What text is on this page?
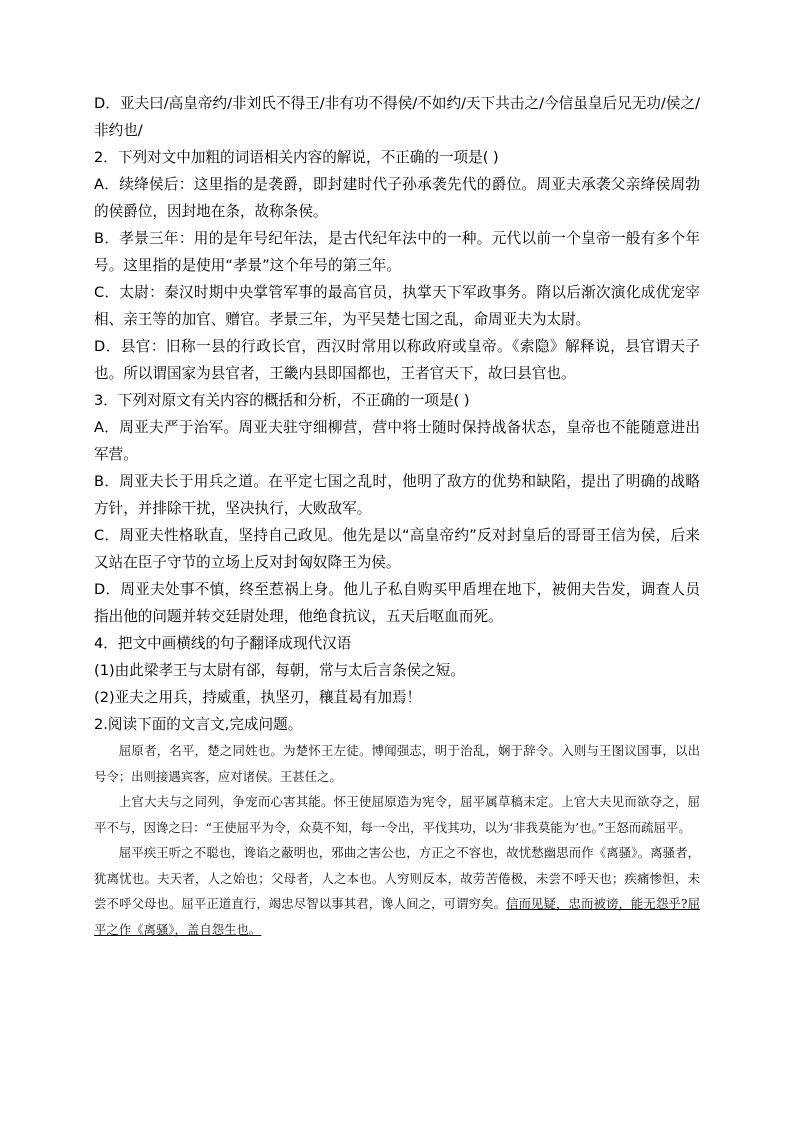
D．亚夫曰/高皇帝约/非刘氏不得王/非有功不得侯/不如约/天下共击之/今信虽皇后兄无功/侯之/非约也/

2．下列对文中加粗的词语相关内容的解说，不正确的一项是( )

A．续绛侯后：这里指的是袭爵，即封建时代子孙承袭先代的爵位。周亚夫承袭父亲绛侯周勃的侯爵位，因封地在条，故称条侯。

B．孝景三年：用的是年号纪年法，是古代纪年法中的一种。元代以前一个皇帝一般有多个年号。这里指的是使用“孝景”这个年号的第三年。

C．太尉：秦汉时期中央掌管军事的最高官员，执掌天下军政事务。隋以后渐次演化成优宠宰相、亲王等的加官、赠官。孝景三年，为平吴楚七国之乱，命周亚夫为太尉。

D．县官：旧称一县的行政长官，西汉时常用以称政府或皇帝。《索隐》解释说，县官谓天子也。所以谓国家为县官者，王畿内县即国都也，王者官天下，故曰县官也。

3．下列对原文有关内容的概括和分析，不正确的一项是( )

A．周亚夫严于治军。周亚夫驻守细柳营，营中将士随时保持战备状态，皇帝也不能随意进出军营。

B．周亚夫长于用兵之道。在平定七国之乱时，他明了敌方的优势和缺陷，提出了明确的战略方针，并排除干扰，坚决执行，大败敌军。

C．周亚夫性格耿直，坚持自己政见。他先是以“高皇帝约”反对封皇后的哥哥王信为侯，后来又站在臣子守节的立场上反对封匈奴降王为侯。

D．周亚夫处事不慎，终至惹祸上身。他儿子私自购买甲盾埋在地下，被佣夫告发，调查人员指出他的问题并转交廷尉处理，他绝食抗议，五天后呕血而死。

4．把文中画横线的句子翻译成现代汉语

(1)由此梁孝王与太尉有郤，每朝，常与太后言条侯之短。

(2)亚夫之用兵，持威重，执坚刃，穰苴曷有加焉！

2.阅读下面的文言文,完成问题。

屈原者，名平，楚之同姓也。为楚怀王左徒。博闻强志，明于治乱，娴于辞令。入则与王图议国事，以出号令；出则接遇宾客，应对诸侯。王甚任之。

上官大夫与之同列，争宠而心害其能。怀王使屈原造为宪令，屈平属草稿未定。上官大夫见而欲夺之，屈平不与，因谗之曰：“王使屈平为令，众莫不知，每一令出，平伐其功，以为‘非我莫能为’也。”王怒而疏屈平。

屈平疾王听之不聪也，谗谄之蔽明也，邪曲之害公也，方正之不容也，故忧愁幽思而作《离骚》。离骚者，犹离忧也。夫天者，人之始也；父母者，人之本也。人穷则反本，故劳苦倦极，未尝不呼天也；疾痛惨怛，未尝不呼父母也。屈平正道直行，竭忠尽智以事其君，谗人间之，可谓穷矣。信而见疑，忠而被谤，能无怨乎?屈平之作《离骚》，盖自怨生也。
